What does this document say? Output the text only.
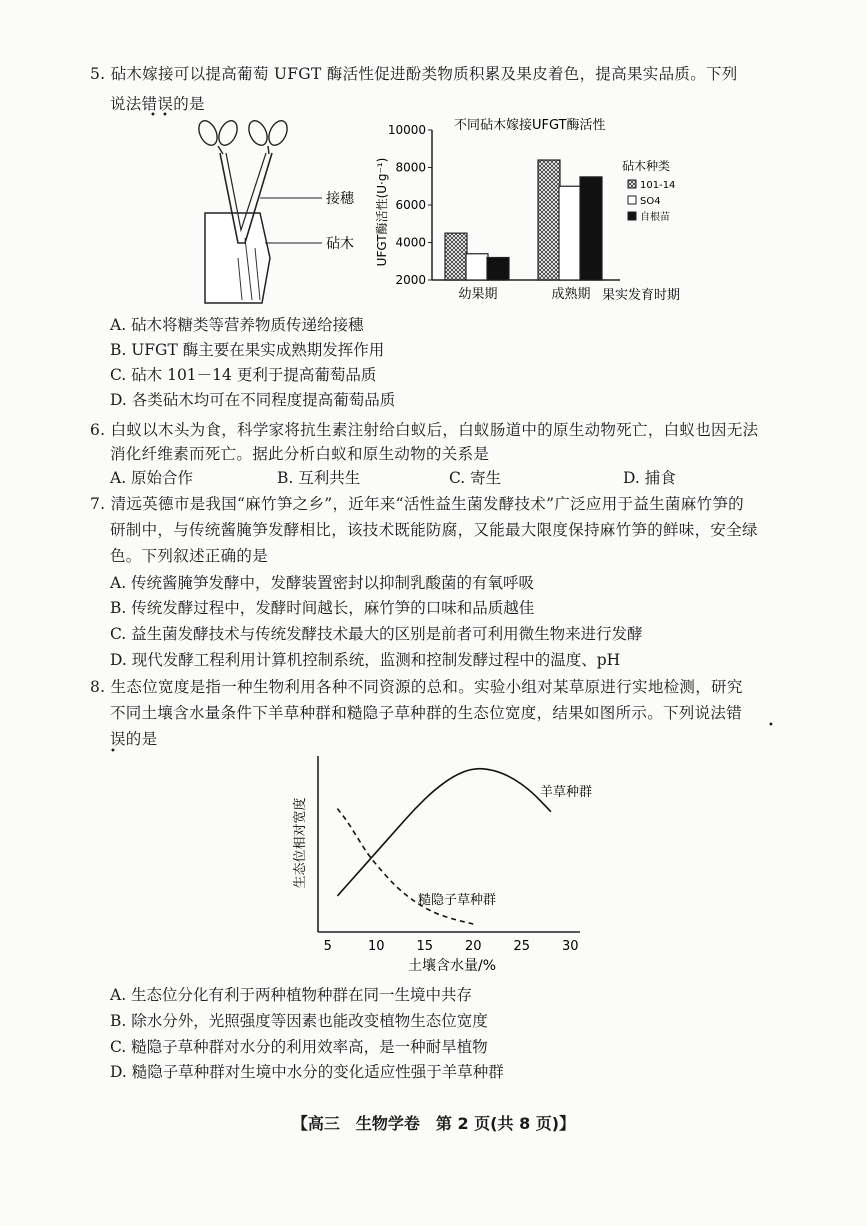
5. 砧木嫁接可以提高葡萄 UFGT 酶活性促进酚类物质积累及果皮着色，提高果实品质。下列
说法错误的是
• •
接穗
砧木
不同砧木嫁接UFGT酶活性
UFGT酶活性(U·g⁻¹)
果实发育时期
砧木种类
2000
4000
6000
8000
10000
幼果期	成熟期
101-14
SO4
自根苗
A. 砧木将糖类等营养物质传递给接穗
B. UFGT 酶主要在果实成熟期发挥作用
C. 砧木 101－14 更利于提高葡萄品质
D. 各类砧木均可在不同程度提高葡萄品质
6. 白蚁以木头为食，科学家将抗生素注射给白蚁后，白蚁肠道中的原生动物死亡，白蚁也因无法
消化纤维素而死亡。据此分析白蚁和原生动物的关系是
A. 原始合作	B. 互利共生	C. 寄生	D. 捕食
7. 清远英德市是我国“麻竹笋之乡”，近年来“活性益生菌发酵技术”广泛应用于益生菌麻竹笋的
研制中，与传统酱腌笋发酵相比，该技术既能防腐，又能最大限度保持麻竹笋的鲜味，安全绿
色。下列叙述正确的是
A. 传统酱腌笋发酵中，发酵装置密封以抑制乳酸菌的有氧呼吸
B. 传统发酵过程中，发酵时间越长，麻竹笋的口味和品质越佳
C. 益生菌发酵技术与传统发酵技术最大的区别是前者可利用微生物来进行发酵
D. 现代发酵工程利用计算机控制系统，监测和控制发酵过程中的温度、pH
8. 生态位宽度是指一种生物利用各种不同资源的总和。实验小组对某草原进行实地检测，研究
不同土壤含水量条件下羊草种群和糙隐子草种群的生态位宽度，结果如图所示。下列说法错
误的是
•
•
生态位相对宽度
土壤含水量/%
5	10 15 20 25 30
羊草种群
糙隐子草种群
A. 生态位分化有利于两种植物种群在同一生境中共存
B. 除水分外，光照强度等因素也能改变植物生态位宽度
C. 糙隐子草种群对水分的利用效率高，是一种耐旱植物
D. 糙隐子草种群对生境中水分的变化适应性强于羊草种群
【高三　生物学卷　第 2 页(共 8 页)】
